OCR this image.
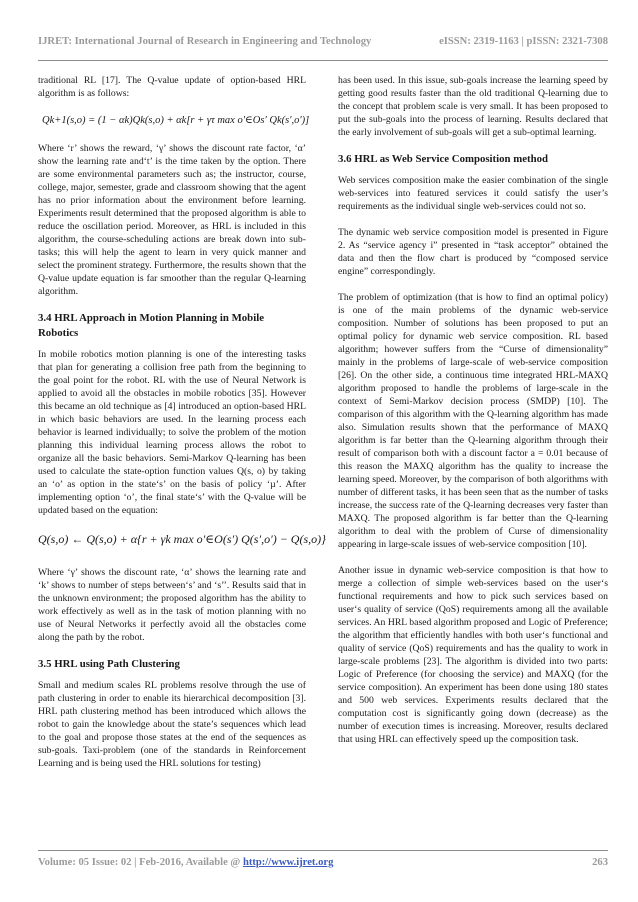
IJRET: International Journal of Research in Engineering and Technology	eISSN: 2319-1163 | pISSN: 2321-7308

traditional RL [17]. The Q-value update of option-based HRL algorithm is as follows:

Qk+1(s,o) = (1 − αk)Qk(s,o) + αk[r + γτ max o′∈Os′ Qk(s′,o′)]

Where ‘r’ shows the reward, ‘γ’ shows the discount rate factor, ‘α’ show the learning rate and‘t’ is the time taken by the option. There are some environmental parameters such as; the instructor, course, college, major, semester, grade and classroom showing that the agent has no prior information about the environment before learning. Experiments result determined that the proposed algorithm is able to reduce the oscillation period. Moreover, as HRL is included in this algorithm, the course-scheduling actions are break down into sub-tasks; this will help the agent to learn in very quick manner and select the prominent strategy. Furthermore, the results shown that the Q-value update equation is far smoother than the regular Q-learning algorithm.

3.4 HRL Approach in Motion Planning in Mobile Robotics

In mobile robotics motion planning is one of the interesting tasks that plan for generating a collision free path from the beginning to the goal point for the robot. RL with the use of Neural Network is applied to avoid all the obstacles in mobile robotics [35]. However this became an old technique as [4] introduced an option-based HRL in which basic behaviors are used. In the learning process each behavior is learned individually; to solve the problem of the motion planning this individual learning process allows the robot to organize all the basic behaviors. Semi-Markov Q-learning has been used to calculate the state-option function values Q(s, o) by taking an ‘o’ as option in the state‘s’ on the basis of policy ‘µ’. After implementing option ‘o’, the final state‘s’ with the Q-value will be updated based on the equation:

Q(s,o) ← Q(s,o) + α{r + γk max o′∈O(s′) Q(s′,o′) − Q(s,o)}

Where ‘γ’ shows the discount rate, ‘α’ shows the learning rate and ‘k’ shows to number of steps between‘s’ and ‘s’’. Results said that in the unknown environment; the proposed algorithm has the ability to work effectively as well as in the task of motion planning with no use of Neural Networks it perfectly avoid all the obstacles come along the path by the robot.

3.5 HRL using Path Clustering

Small and medium scales RL problems resolve through the use of path clustering in order to enable its hierarchical decomposition [3]. HRL path clustering method has been introduced which allows the robot to gain the knowledge about the state’s sequences which lead to the goal and propose those states at the end of the sequences as sub-goals. Taxi-problem (one of the standards in Reinforcement Learning and is being used the HRL solutions for testing)

has been used. In this issue, sub-goals increase the learning speed by getting good results faster than the old traditional Q-learning due to the concept that problem scale is very small. It has been proposed to put the sub-goals into the process of learning. Results declared that the early involvement of sub-goals will get a sub-optimal learning.

3.6 HRL as Web Service Composition method

Web services composition make the easier combination of the single web-services into featured services it could satisfy the user’s requirements as the individual single web-services could not so.

The dynamic web service composition model is presented in Figure 2. As “service agency i” presented in “task acceptor” obtained the data and then the flow chart is produced by “composed service engine” correspondingly.

The problem of optimization (that is how to find an optimal policy) is one of the main problems of the dynamic web-service composition. Number of solutions has been proposed to put an optimal policy for dynamic web service composition. RL based algorithm; however suffers from the “Curse of dimensionality” mainly in the problems of large-scale of web-service composition [26]. On the other side, a continuous time integrated HRL-MAXQ algorithm proposed to handle the problems of large-scale in the context of Semi-Markov decision process (SMDP) [10]. The comparison of this algorithm with the Q-learning algorithm has made also. Simulation results shown that the performance of MAXQ algorithm is far better than the Q-learning algorithm through their result of comparison both with a discount factor a = 0.01 because of this reason the MAXQ algorithm has the quality to increase the learning speed. Moreover, by the comparison of both algorithms with number of different tasks, it has been seen that as the number of tasks increase, the success rate of the Q-learning decreases very faster than MAXQ. The proposed algorithm is far better than the Q-learning algorithm to deal with the problem of Curse of dimensionality appearing in large-scale issues of web-service composition [10].

Another issue in dynamic web-service composition is that how to merge a collection of simple web-services based on the user‘s functional requirements and how to pick such services based on user‘s quality of service (QoS) requirements among all the available services. An HRL based algorithm proposed and Logic of Preference; the algorithm that efficiently handles with both user‘s functional and quality of service (QoS) requirements and has the quality to work in large-scale problems [23]. The algorithm is divided into two parts: Logic of Preference (for choosing the service) and MAXQ (for the service composition). An experiment has been done using 180 states and 500 web services. Experiments results declared that the computation cost is significantly going down (decrease) as the number of execution times is increasing. Moreover, results declared that using HRL can effectively speed up the composition task.

Volume: 05 Issue: 02 | Feb-2016, Available @ http://www.ijret.org	263
